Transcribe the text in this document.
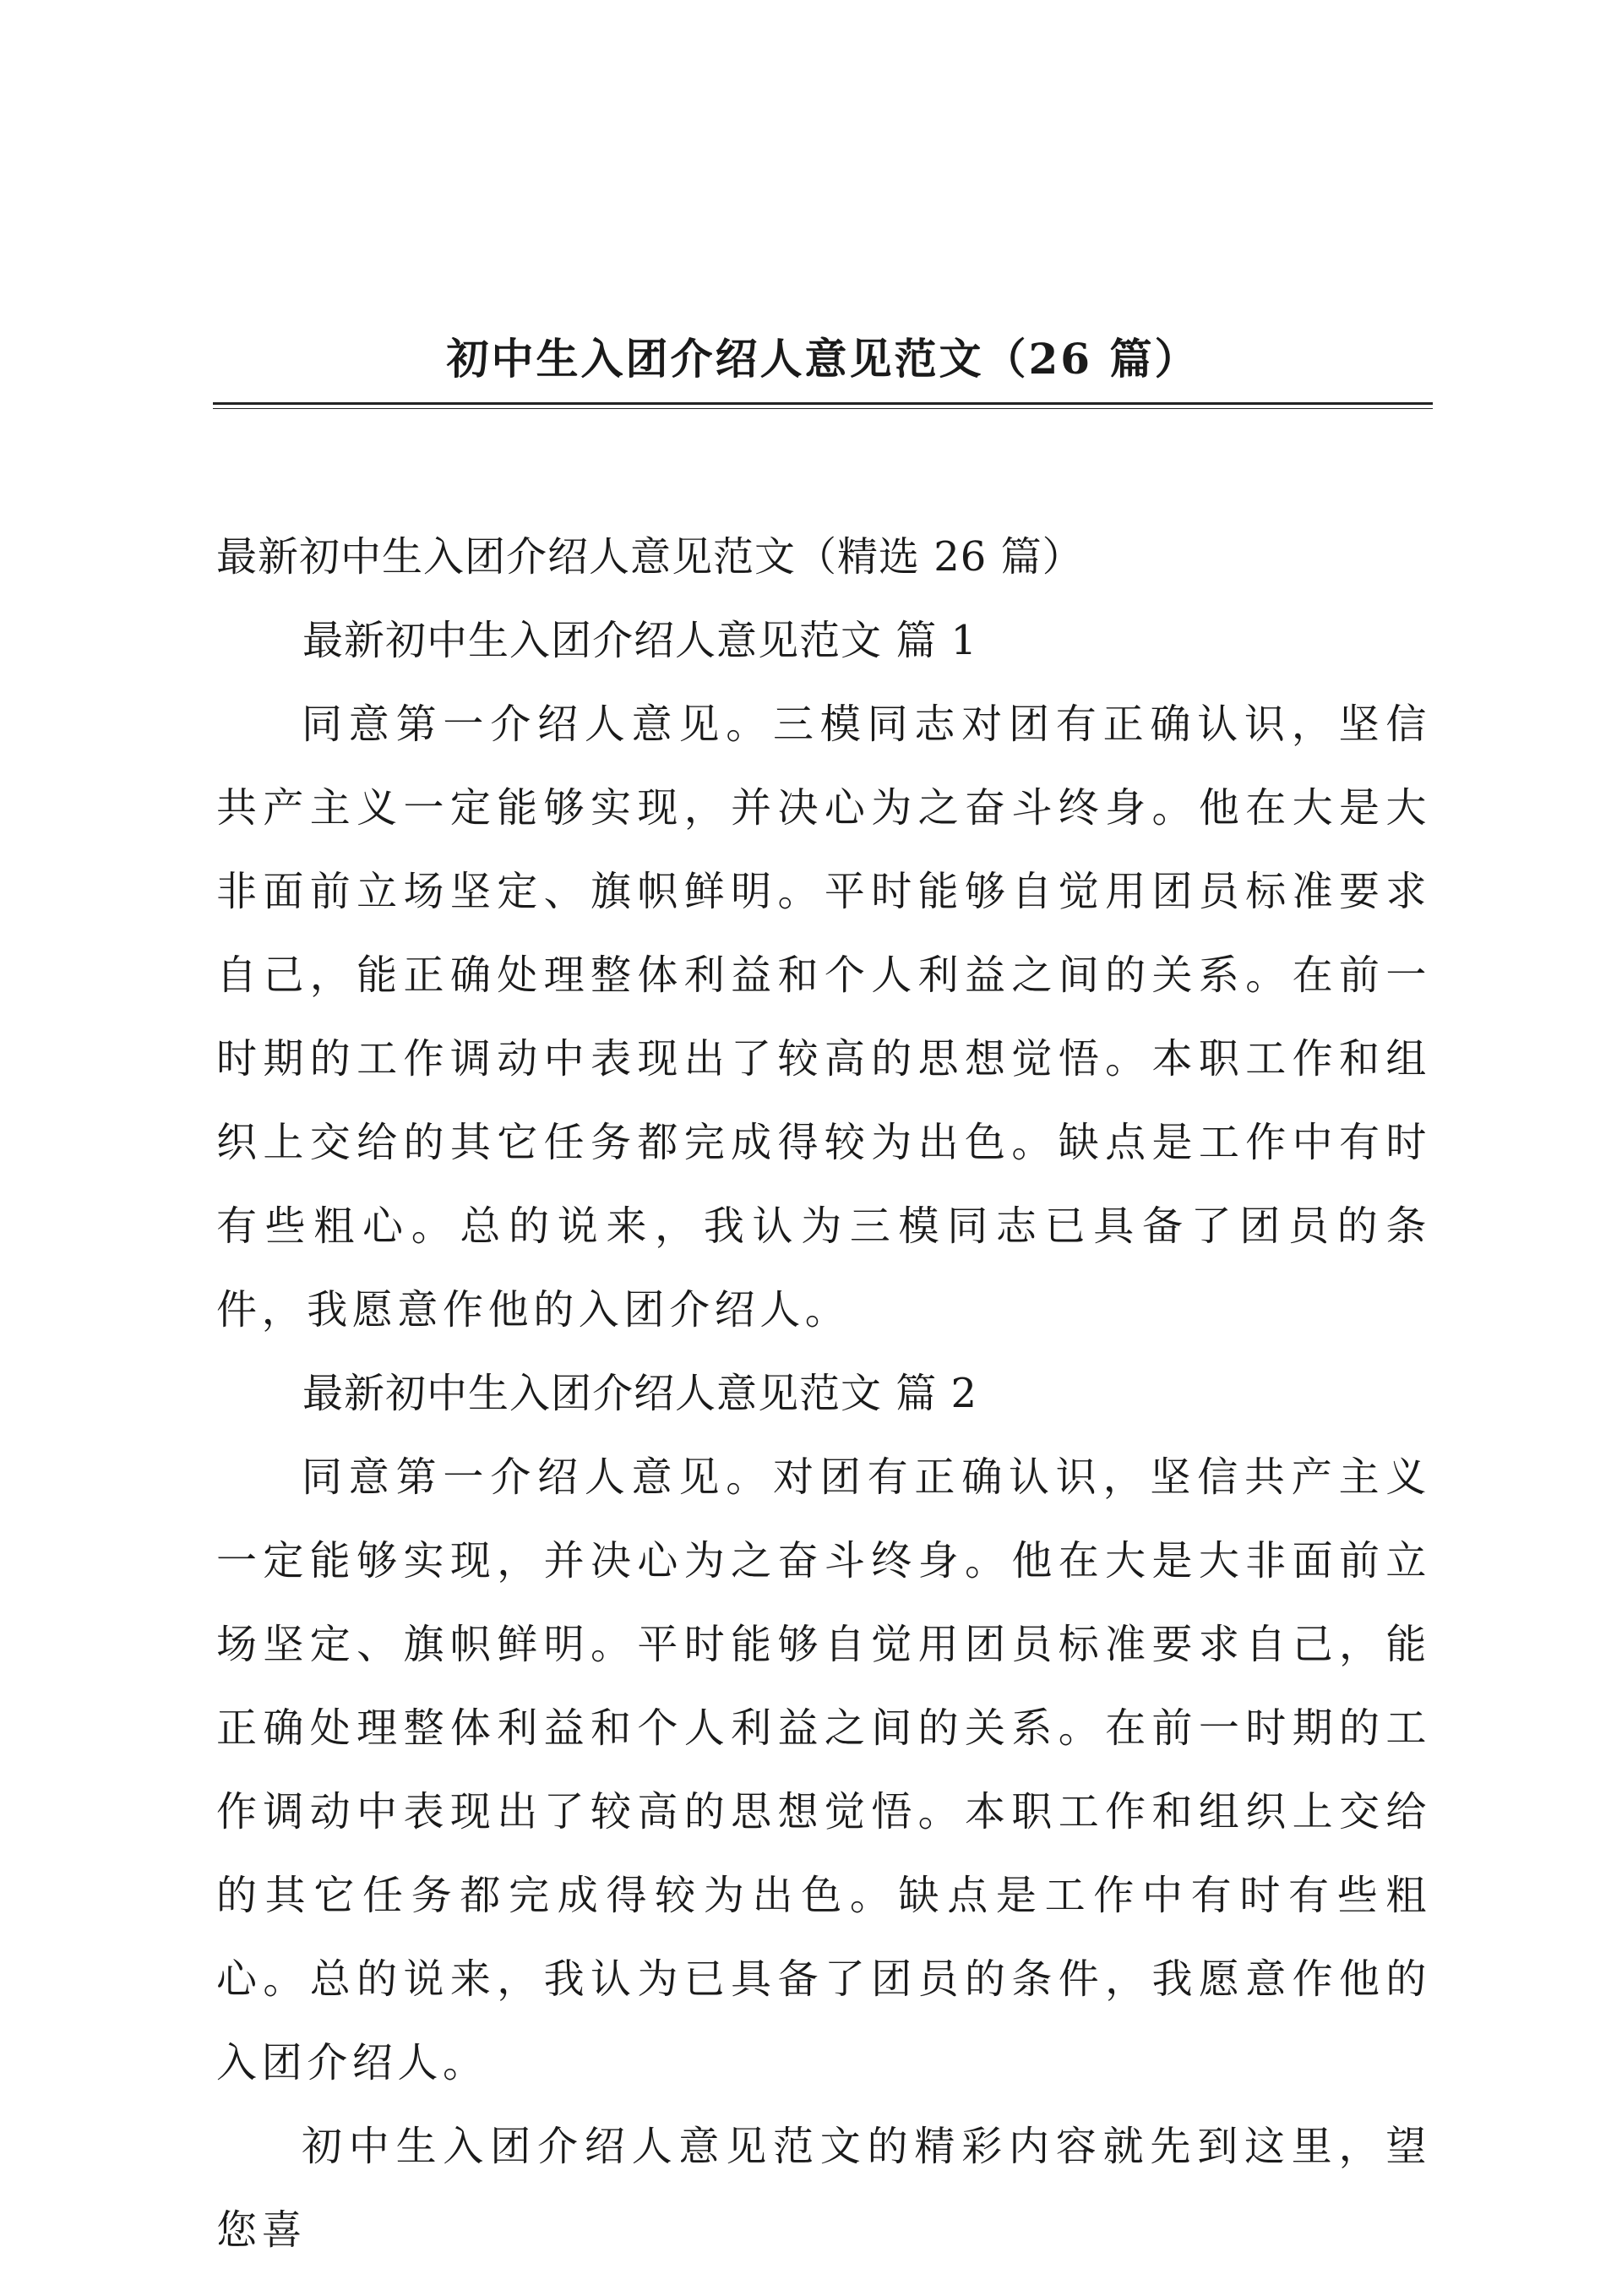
初中生入团介绍人意见范文（26 篇）

最新初中生入团介绍人意见范文（精选 26 篇）

最新初中生入团介绍人意见范文 篇 1

同意第一介绍人意见。三模同志对团有正确认识，坚信共产主义一定能够实现，并决心为之奋斗终身。他在大是大非面前立场坚定、旗帜鲜明。平时能够自觉用团员标准要求自己，能正确处理整体利益和个人利益之间的关系。在前一时期的工作调动中表现出了较高的思想觉悟。本职工作和组织上交给的其它任务都完成得较为出色。缺点是工作中有时有些粗心。总的说来，我认为三模同志已具备了团员的条件，我愿意作他的入团介绍人。

最新初中生入团介绍人意见范文 篇 2

同意第一介绍人意见。对团有正确认识，坚信共产主义一定能够实现，并决心为之奋斗终身。他在大是大非面前立场坚定、旗帜鲜明。平时能够自觉用团员标准要求自己，能正确处理整体利益和个人利益之间的关系。在前一时期的工作调动中表现出了较高的思想觉悟。本职工作和组织上交给的其它任务都完成得较为出色。缺点是工作中有时有些粗心。总的说来，我认为已具备了团员的条件，我愿意作他的入团介绍人。

初中生入团介绍人意见范文的精彩内容就先到这里，望您喜
